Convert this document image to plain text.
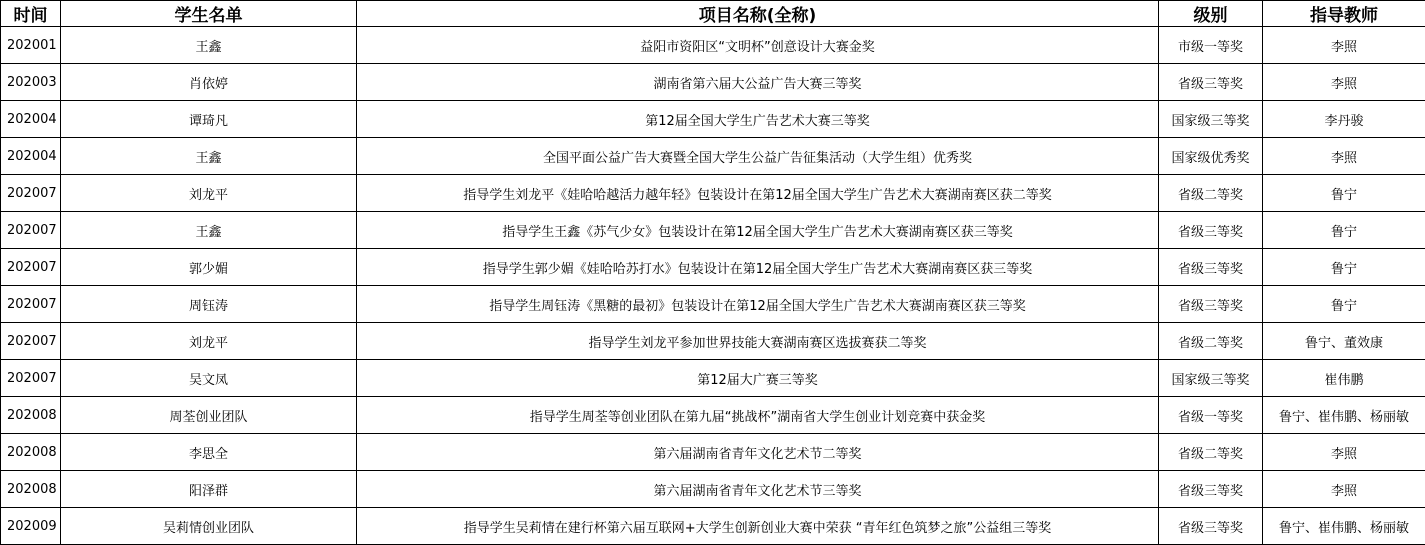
时间	学生名单	项目名称(全称)	级别	指导教师
202001	王鑫	益阳市资阳区“文明杯”创意设计大赛金奖	市级一等奖	李照
202003	肖依婷	湖南省第六届大公益广告大赛三等奖	省级三等奖	李照
202004	谭琦凡	第12届全国大学生广告艺术大赛三等奖	国家级三等奖	李丹骏
202004	王鑫	全国平面公益广告大赛暨全国大学生公益广告征集活动（大学生组）优秀奖	国家级优秀奖	李照
202007	刘龙平	指导学生刘龙平《娃哈哈越活力越年轻》包装设计在第12届全国大学生广告艺术大赛湖南赛区获二等奖	省级二等奖	鲁宁
202007	王鑫	指导学生王鑫《苏气少女》包装设计在第12届全国大学生广告艺术大赛湖南赛区获三等奖	省级三等奖	鲁宁
202007	郭少媚	指导学生郭少媚《娃哈哈苏打水》包装设计在第12届全国大学生广告艺术大赛湖南赛区获三等奖	省级三等奖	鲁宁
202007	周钰涛	指导学生周钰涛《黑糖的最初》包装设计在第12届全国大学生广告艺术大赛湖南赛区获三等奖	省级三等奖	鲁宁
202007	刘龙平	指导学生刘龙平参加世界技能大赛湖南赛区选拔赛获二等奖	省级二等奖	鲁宁、董效康
202007	吴文凤	第12届大广赛三等奖	国家级三等奖	崔伟鹏
202008	周荃创业团队	指导学生周荃等创业团队在第九届“挑战杯”湖南省大学生创业计划竞赛中获金奖	省级一等奖	鲁宁、崔伟鹏、杨丽敏
202008	李思全	第六届湖南省青年文化艺术节二等奖	省级二等奖	李照
202008	阳泽群	第六届湖南省青年文化艺术节三等奖	省级三等奖	李照
202009	吴莉情创业团队	指导学生吴莉情在建行杯第六届互联网+大学生创新创业大赛中荣获 “青年红色筑梦之旅”公益组三等奖	省级三等奖	鲁宁、崔伟鹏、杨丽敏
